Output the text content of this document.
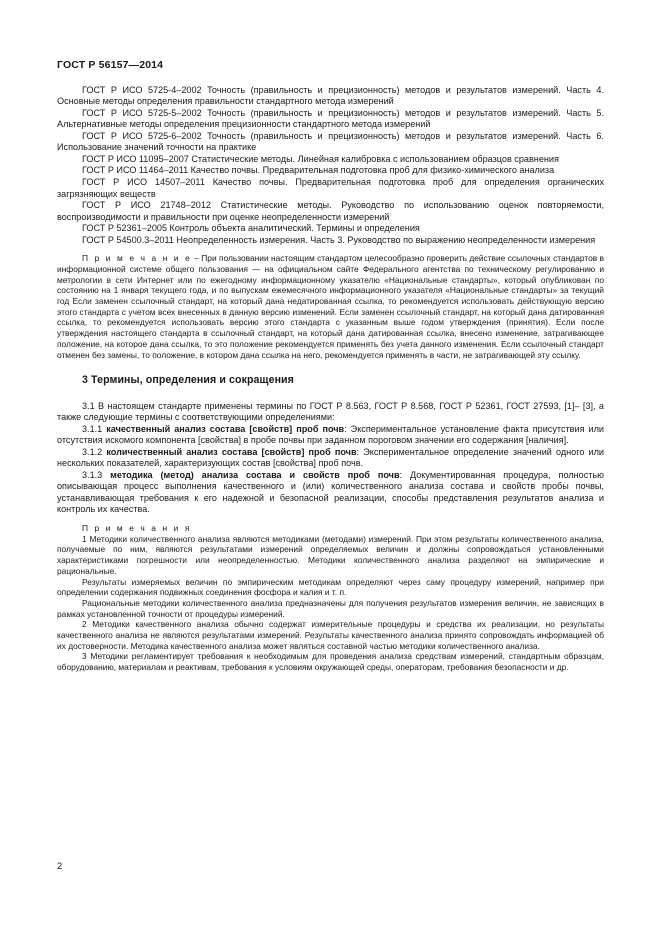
ГОСТ Р 56157—2014

ГОСТ Р ИСО 5725-4–2002 Точность (правильность и прецизионность) методов и результатов измерений. Часть 4. Основные методы определения правильности стандартного метода измерений

ГОСТ Р ИСО 5725-5–2002 Точность (правильность и прецизионность) методов и результатов измерений. Часть 5. Альтернативные методы определения прецизионности стандартного метода измерений

ГОСТ Р ИСО 5725-6–2002 Точность (правильность и прецизионность) методов и результатов измерений. Часть 6. Использование значений точности на практике

ГОСТ Р ИСО 11095–2007 Статистические методы. Линейная калибровка с использованием образцов сравнения

ГОСТ Р ИСО 11464–2011 Качество почвы. Предварительная подготовка проб для физико-химического анализа

ГОСТ Р ИСО 14507–2011 Качество почвы. Предварительная подготовка проб для определения органических загрязняющих веществ

ГОСТ Р ИСО 21748–2012 Статистические методы. Руководство по использованию оценок повторяемости, воспроизводимости и правильности при оценке неопределенности измерений

ГОСТ Р 52361–2005 Контроль объекта аналитический. Термины и определения

ГОСТ Р 54500.3–2011 Неопределенность измерения. Часть 3. Руководство по выражению неопределенности измерения

П р и м е ч а н и е – При пользовании настоящим стандартом целесообразно проверить действие ссылочных стандартов в информационной системе общего пользования — на официальном сайте Федерального агентства по техническому регулированию и метрологии в сети Интернет или по ежегодному информационному указателю «Национальные стандарты», который опубликован по состоянию на 1 января текущего года, и по выпускам ежемесячного информационного указателя «Национальные стандарты» за текущий год Если заменен ссылочный стандарт, на который дана недатированная ссылка, то рекомендуется использовать действующую версию этого стандарта с учетом всех внесенных в данную версию изменений. Если заменен ссылочный стандарт, на который дана датированная ссылка, то рекомендуется использовать версию этого стандарта с указанным выше годом утверждения (принятия). Если после утверждения настоящего стандарта в ссылочный стандарт, на который дана датированная ссылка, внесено изменение, затрагивающее положение, на которое дана ссылка, то это положение рекомендуется применять без учета данного изменения. Если ссылочный стандарт отменен без замены, то положение, в котором дана ссылка на него, рекомендуется применять в части, не затрагивающей эту ссылку.

3 Термины, определения и сокращения

3.1 В настоящем стандарте применены термины по ГОСТ Р 8.563, ГОСТ Р 8.568, ГОСТ Р 52361, ГОСТ 27593, [1]– [3], а также следующие термины с соответствующими определениями:

3.1.1 качественный анализ состава [свойств] проб почв: Экспериментальное установление факта присутствия или отсутствия искомого компонента [свойства] в пробе почвы при заданном пороговом значении его содержания [наличия].

3.1.2 количественный анализ состава [свойств] проб почв: Экспериментальное определение значений одного или нескольких показателей, характеризующих состав [свойства] проб почв.

3.1.3 методика (метод) анализа состава и свойств проб почв: Документированная процедура, полностью описывающая процесс выполнения качественного и (или) количественного анализа состава и свойств пробы почвы, устанавливающая требования к его надежной и безопасной реализации, способы представления результатов анализа и контроль их качества.

П р и м е ч а н и я

1 Методики количественного анализа являются методиками (методами) измерений. При этом результаты количественного анализа, получаемые по ним, являются результатами измерений определяемых величин и должны сопровождаться установленными характеристиками погрешности или неопределенностью. Методики количественного анализа разделяют на эмпирические и рациональные.

Результаты измеряемых величин по эмпирическим методикам определяют через саму процедуру измерений, например при определении содержания подвижных соединения фосфора и калия и т. п.

Рациональные методики количественного анализа предназначены для получения результатов измерения величин, не зависящих в рамках установленной точности от процедуры измерений.

2 Методики качественного анализа обычно содержат измерительные процедуры и средства их реализации, но результаты качественного анализа не являются результатами измерений. Результаты качественного анализа принято сопровождать информацией об их достоверности. Методика качественного анализа может являться составной частью методики количественного анализа.

3 Методики регламентирует требования к необходимым для проведения анализа средствам измерений, стандартным образцам, оборудованию, материалам и реактивам, требования к условиям окружающей среды, операторам, требования безопасности и др.

2
